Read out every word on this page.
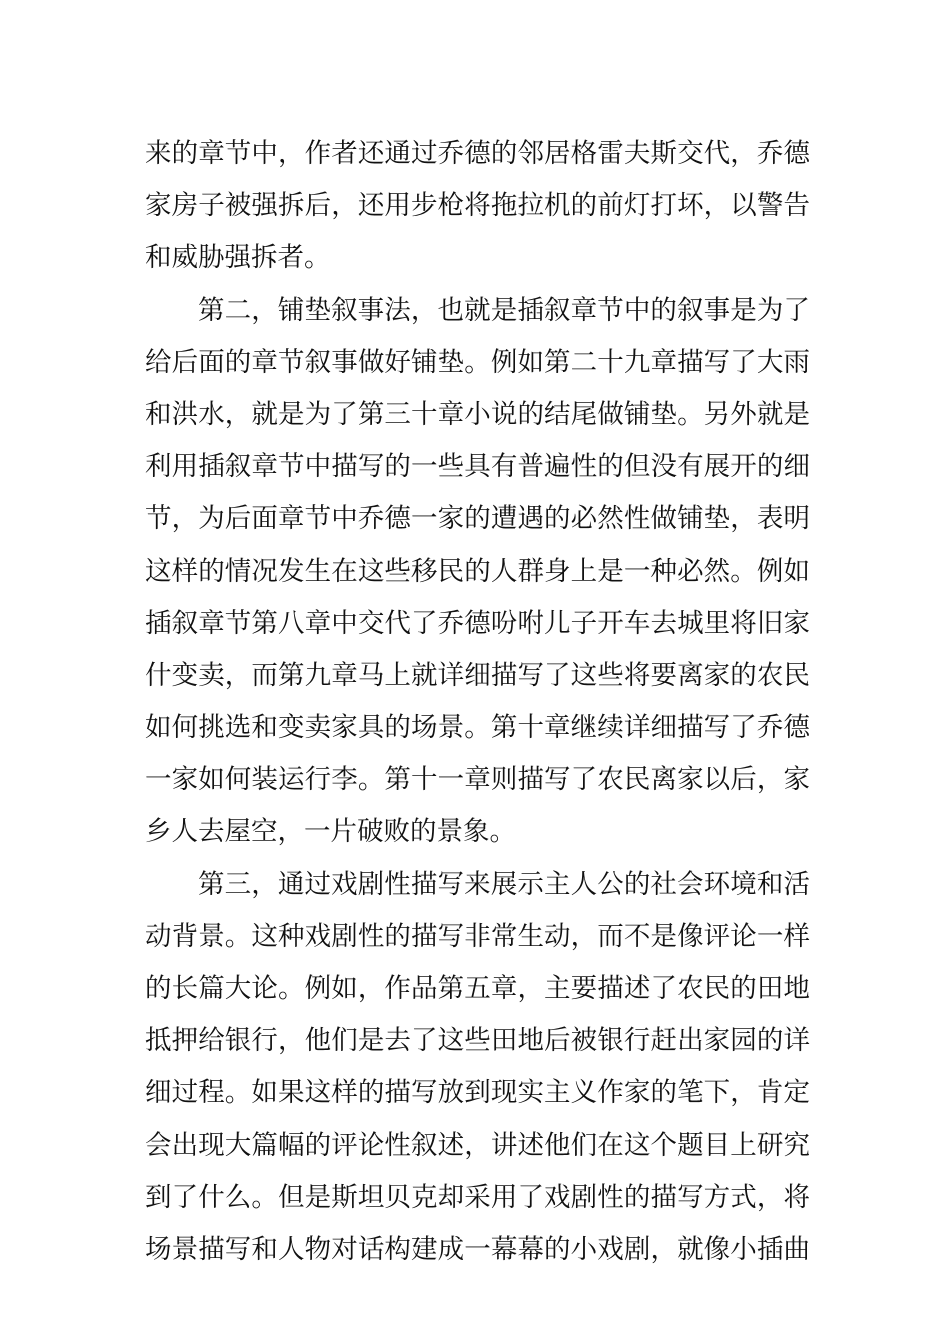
来的章节中，作者还通过乔德的邻居格雷夫斯交代，乔德
家房子被强拆后，还用步枪将拖拉机的前灯打坏，以警告
和威胁强拆者。
第二，铺垫叙事法，也就是插叙章节中的叙事是为了
给后面的章节叙事做好铺垫。例如第二十九章描写了大雨
和洪水，就是为了第三十章小说的结尾做铺垫。另外就是
利用插叙章节中描写的一些具有普遍性的但没有展开的细
节，为后面章节中乔德一家的遭遇的必然性做铺垫，表明
这样的情况发生在这些移民的人群身上是一种必然。例如
插叙章节第八章中交代了乔德吩咐儿子开车去城里将旧家
什变卖，而第九章马上就详细描写了这些将要离家的农民
如何挑选和变卖家具的场景。第十章继续详细描写了乔德
一家如何装运行李。第十一章则描写了农民离家以后，家
乡人去屋空，一片破败的景象。
第三，通过戏剧性描写来展示主人公的社会环境和活
动背景。这种戏剧性的描写非常生动，而不是像评论一样
的长篇大论。例如，作品第五章，主要描述了农民的田地
抵押给银行，他们是去了这些田地后被银行赶出家园的详
细过程。如果这样的描写放到现实主义作家的笔下，肯定
会出现大篇幅的评论性叙述，讲述他们在这个题目上研究
到了什么。但是斯坦贝克却采用了戏剧性的描写方式，将
场景描写和人物对话构建成一幕幕的小戏剧，就像小插曲
